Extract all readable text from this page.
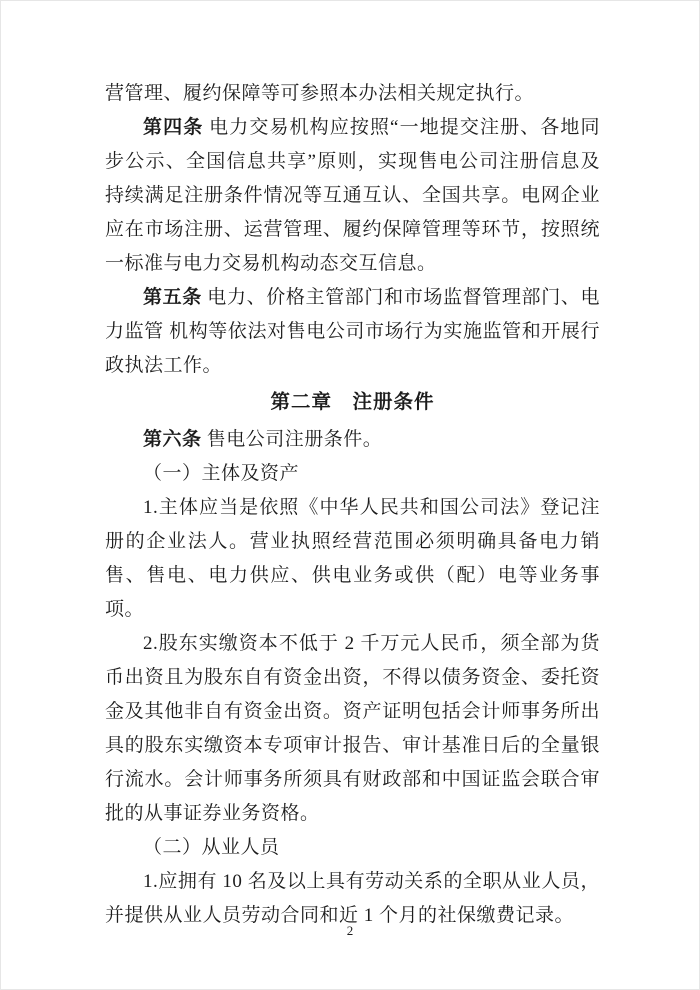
营管理、履约保障等可参照本办法相关规定执行。

第四条 电力交易机构应按照“一地提交注册、各地同步公示、全国信息共享”原则，实现售电公司注册信息及持续满足注册条件情况等互通互认、全国共享。电网企业应在市场注册、运营管理、履约保障管理等环节，按照统一标准与电力交易机构动态交互信息。

第五条 电力、价格主管部门和市场监督管理部门、电力监管 机构等依法对售电公司市场行为实施监管和开展行政执法工作。

第二章　注册条件

第六条 售电公司注册条件。

（一）主体及资产

1.主体应当是依照《中华人民共和国公司法》登记注册的企业法人。营业执照经营范围必须明确具备电力销售、售电、电力供应、供电业务或供（配）电等业务事项。

2.股东实缴资本不低于 2 千万元人民币，须全部为货币出资且为股东自有资金出资，不得以债务资金、委托资金及其他非自有资金出资。资产证明包括会计师事务所出具的股东实缴资本专项审计报告、审计基准日后的全量银行流水。会计师事务所须具有财政部和中国证监会联合审批的从事证券业务资格。

（二）从业人员

1.应拥有 10 名及以上具有劳动关系的全职从业人员，并提供从业人员劳动合同和近 1 个月的社保缴费记录。

2
